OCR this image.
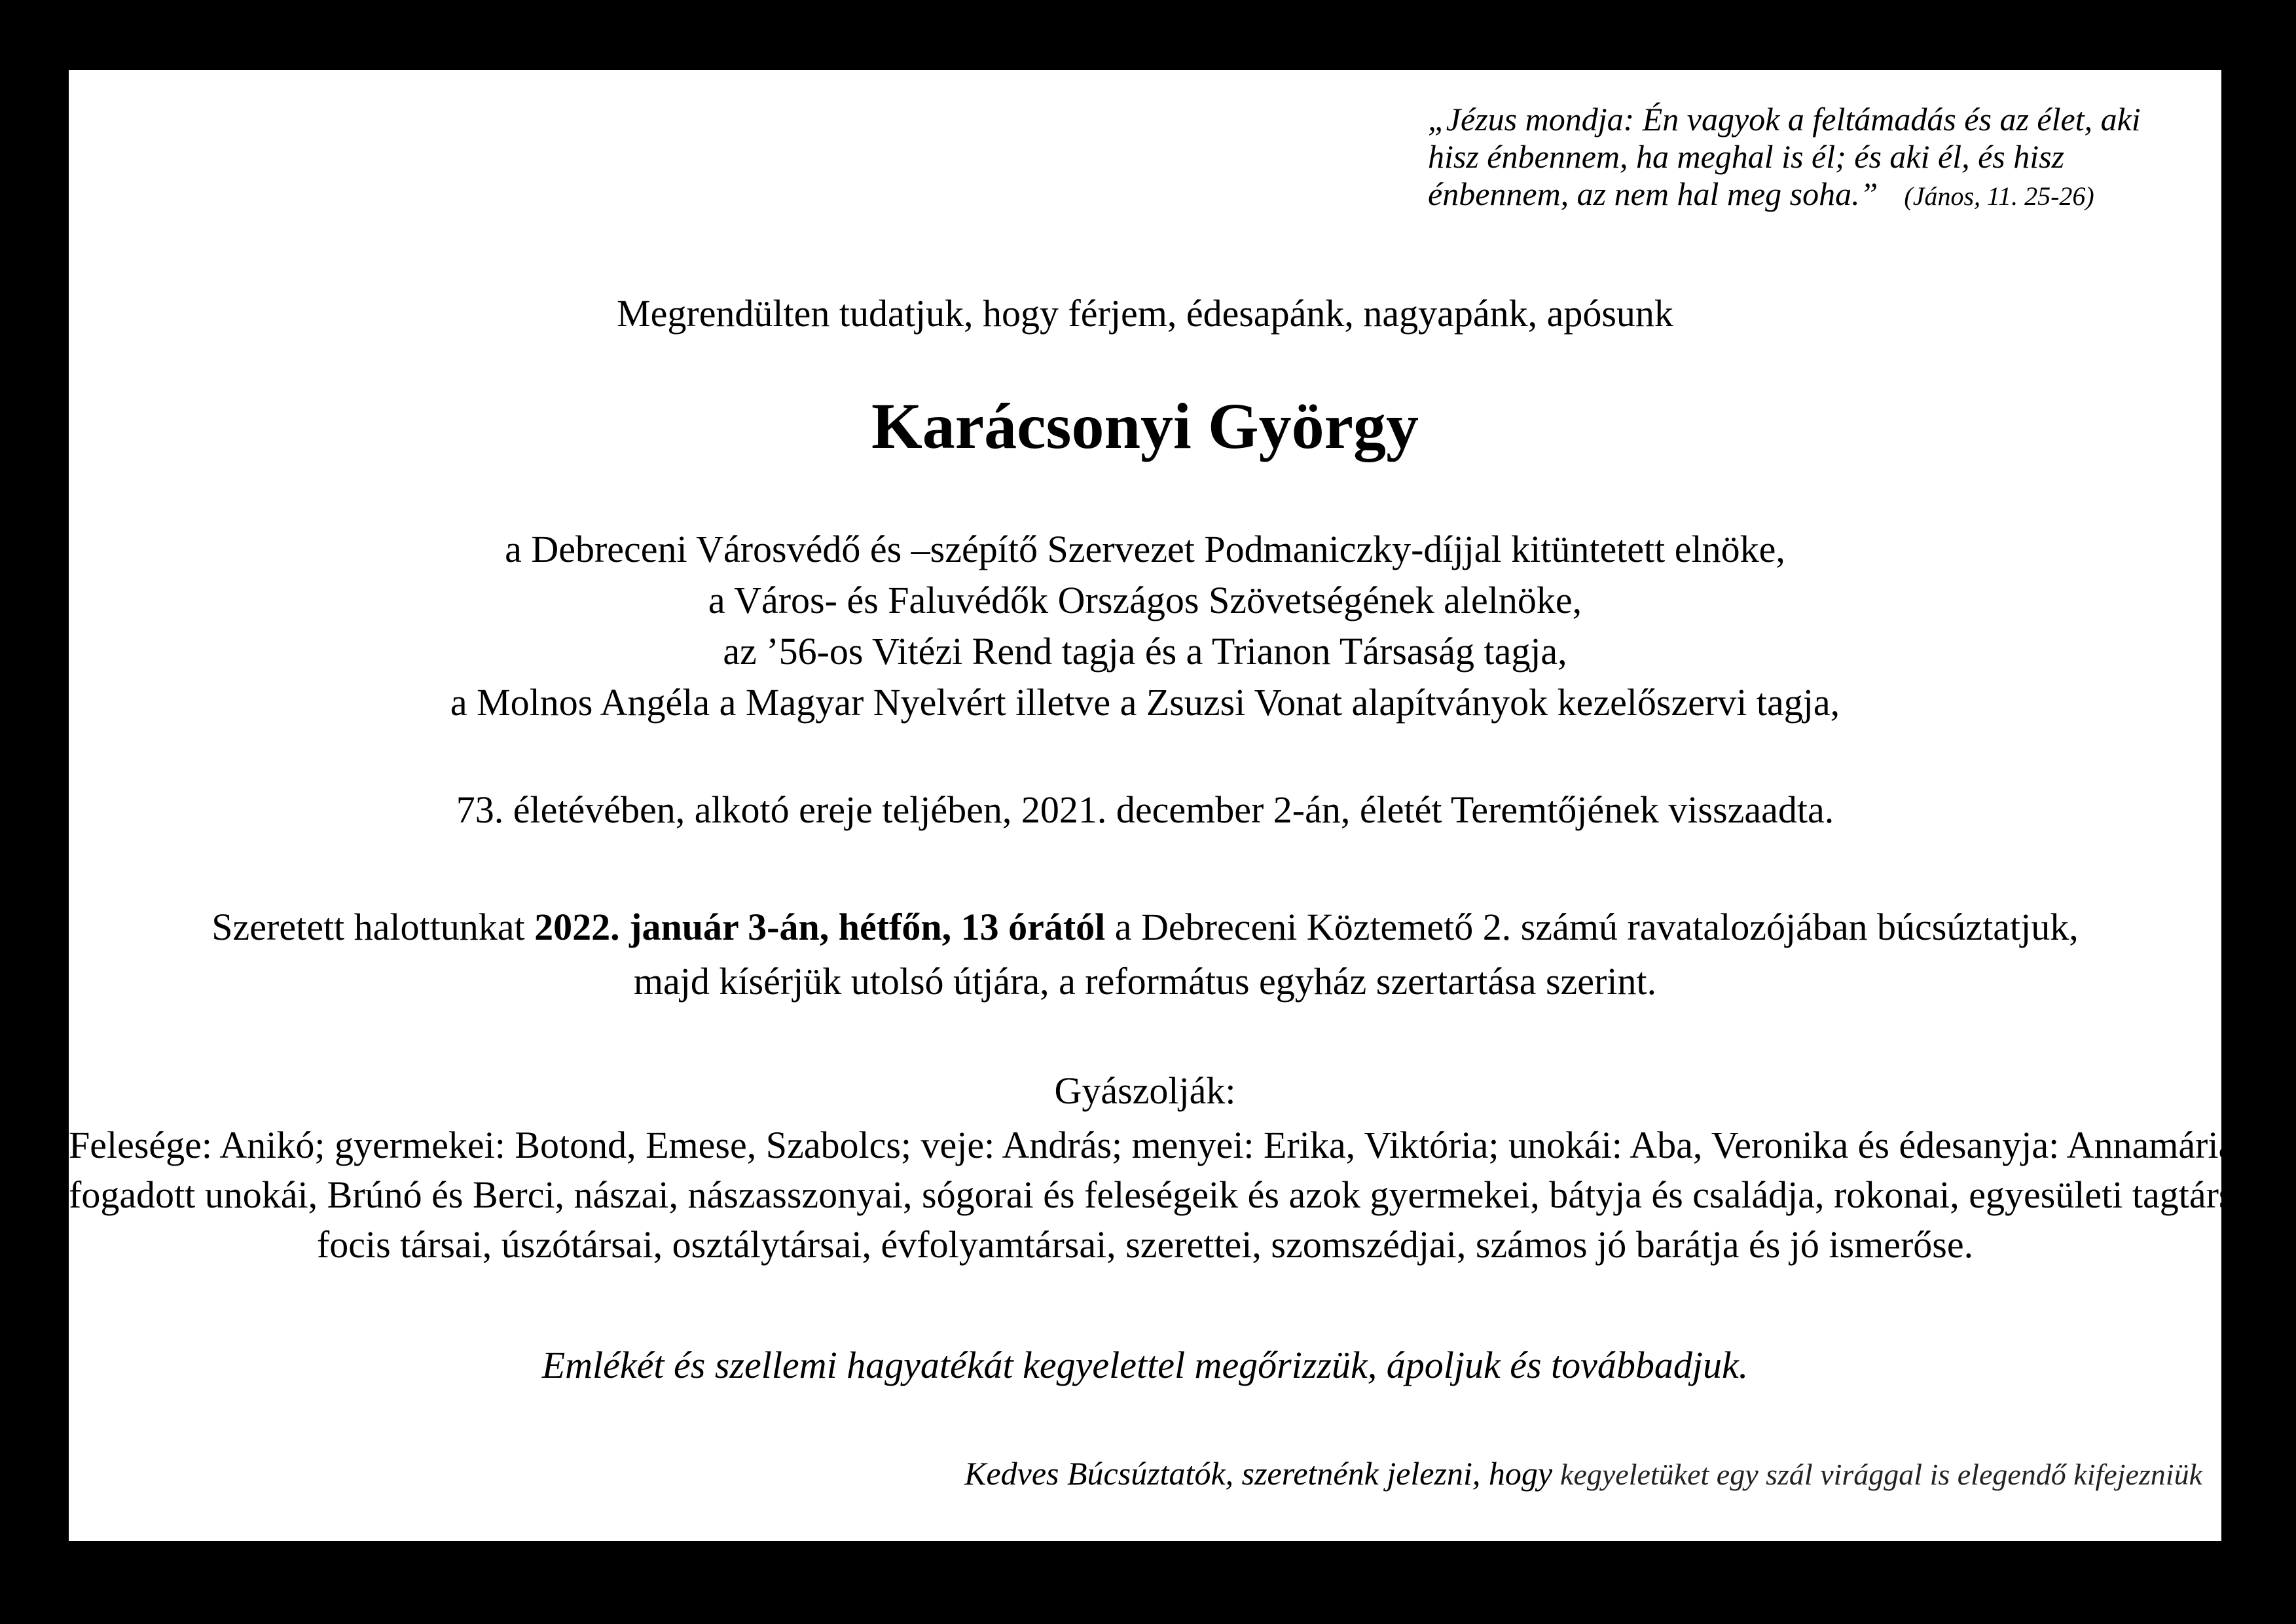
„Jézus mondja: Én vagyok a feltámadás és az élet, aki
hisz énbennem, ha meghal is él; és aki él, és hisz
énbennem, az nem hal meg soha.” (János, 11. 25-26)
Megrendülten tudatjuk, hogy férjem, édesapánk, nagyapánk, apósunk
Karácsonyi György
a Debreceni Városvédő és –szépítő Szervezet Podmaniczky-díjjal kitüntetett elnöke,
a Város- és Faluvédők Országos Szövetségének alelnöke,
az ’56-os Vitézi Rend tagja és a Trianon Társaság tagja,
a Molnos Angéla a Magyar Nyelvért illetve a Zsuzsi Vonat alapítványok kezelőszervi tagja,
73. életévében, alkotó ereje teljében, 2021. december 2-án, életét Teremtőjének visszaadta.
Szeretett halottunkat 2022. január 3-án, hétfőn, 13 órától a Debreceni Köztemető 2. számú ravatalozójában búcsúztatjuk,
majd kísérjük utolsó útjára, a református egyház szertartása szerint.
Gyászolják:
Felesége: Anikó; gyermekei: Botond, Emese, Szabolcs; veje: András; menyei: Erika, Viktória; unokái: Aba, Veronika és édesanyja: Annamária,
fogadott unokái, Brúnó és Berci, nászai, nászasszonyai, sógorai és feleségeik és azok gyermekei, bátyja és családja, rokonai, egyesületi tagtársai,
focis társai, úszótársai, osztálytársai, évfolyamtársai, szerettei, szomszédjai, számos jó barátja és jó ismerőse.
Emlékét és szellemi hagyatékát kegyelettel megőrizzük, ápoljuk és továbbadjuk.
Kedves Búcsúztatók, szeretnénk jelezni, hogy kegyeletüket egy szál virággal is elegendő kifejezniük
